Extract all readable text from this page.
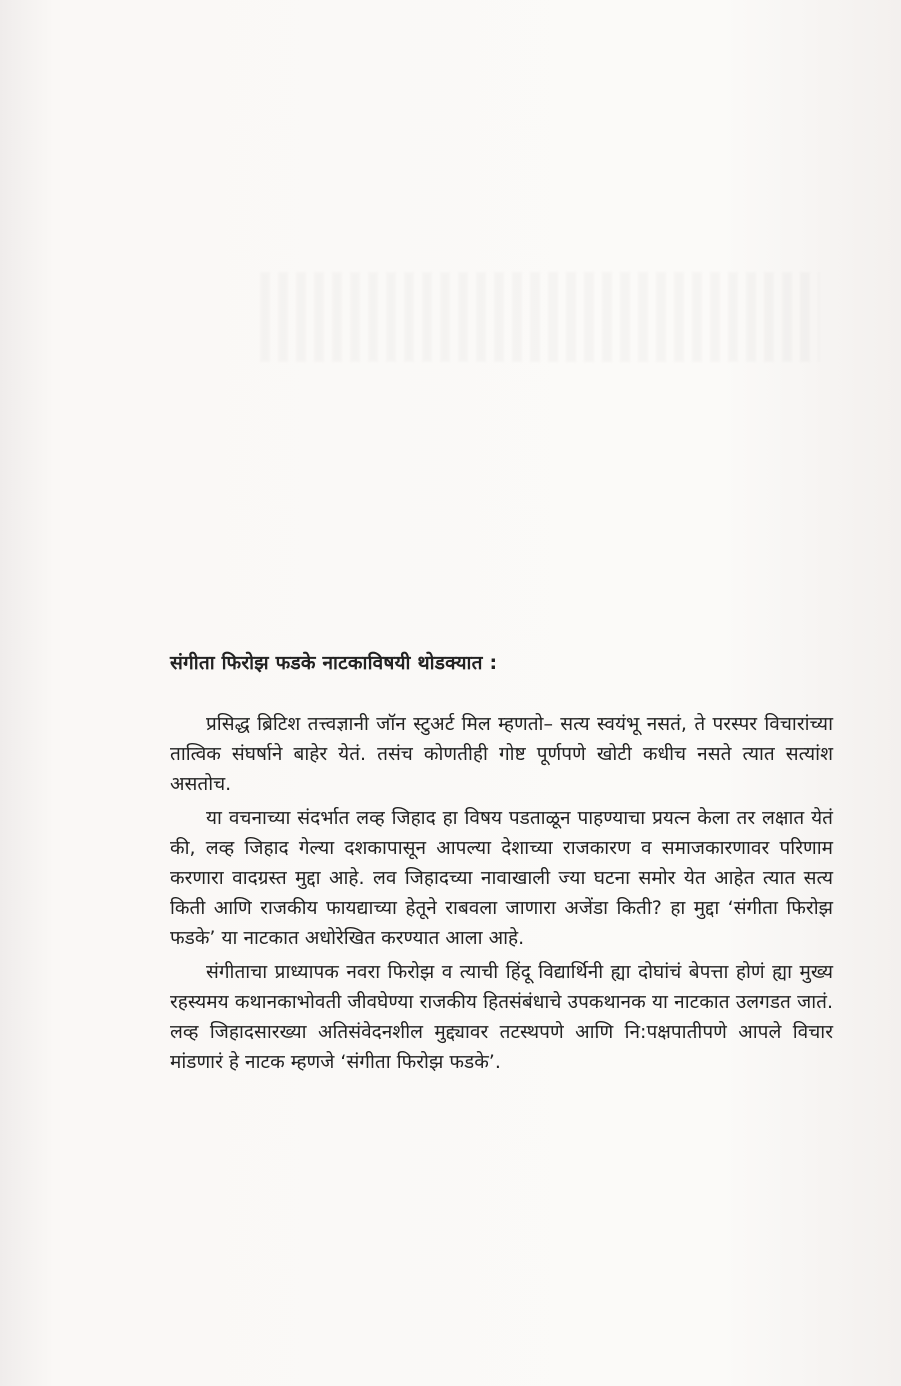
संगीता फिरोझ फडके नाटकाविषयी थोडक्यात :

प्रसिद्ध ब्रिटिश तत्त्वज्ञानी जॉन स्टुअर्ट मिल म्हणतो– सत्य स्वयंभू नसतं, ते परस्पर विचारांच्या तात्विक संघर्षाने बाहेर येतं. तसंच कोणतीही गोष्ट पूर्णपणे खोटी कधीच नसते त्यात सत्यांश असतोच.

या वचनाच्या संदर्भात लव्ह जिहाद हा विषय पडताळून पाहण्याचा प्रयत्न केला तर लक्षात येतं की, लव्ह जिहाद गेल्या दशकापासून आपल्या देशाच्या राजकारण व समाजकारणावर परिणाम करणारा वादग्रस्त मुद्दा आहे. लव जिहादच्या नावाखाली ज्या घटना समोर येत आहेत त्यात सत्य किती आणि राजकीय फायद्याच्या हेतूने राबवला जाणारा अजेंडा किती? हा मुद्दा ‘संगीता फिरोझ फडके’ या नाटकात अधोरेखित करण्यात आला आहे.

संगीताचा प्राध्यापक नवरा फिरोझ व त्याची हिंदू विद्यार्थिनी ह्या दोघांचं बेपत्ता होणं ह्या मुख्य रहस्यमय कथानकाभोवती जीवघेण्या राजकीय हितसंबंधाचे उपकथानक या नाटकात उलगडत जातं. लव्ह जिहादसारख्या अतिसंवेदनशील मुद्द्यावर तटस्थपणे आणि नि:पक्षपातीपणे आपले विचार मांडणारं हे नाटक म्हणजे ‘संगीता फिरोझ फडके’.
